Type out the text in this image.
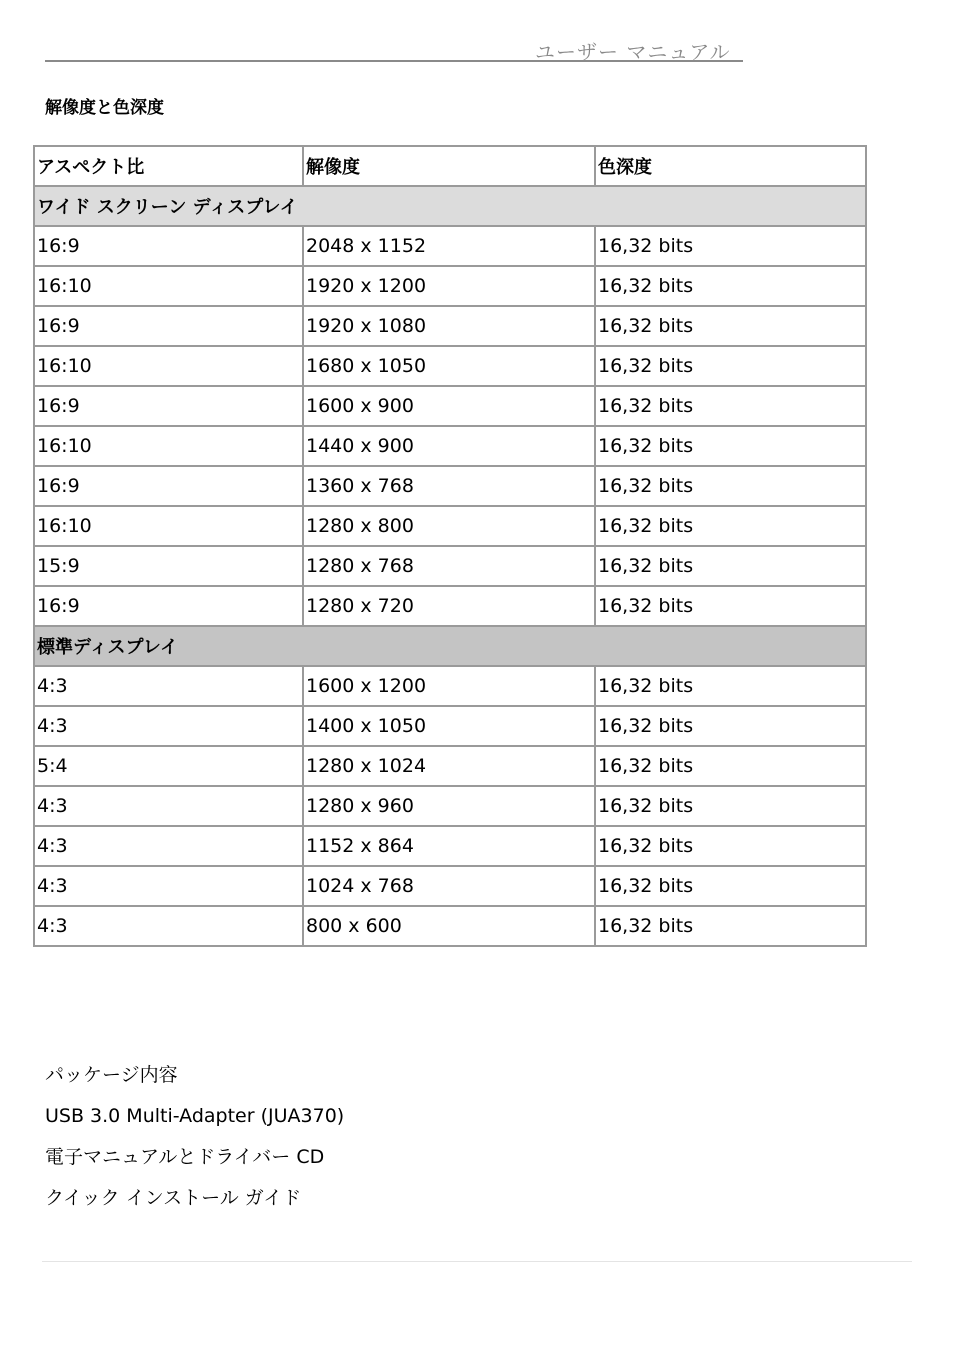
ユーザー マニュアル
解像度と色深度
アスペクト比	解像度	色深度
ワイド スクリーン ディスプレイ		
16:9	2048 x 1152	16,32 bits
16:10	1920 x 1200	16,32 bits
16:9	1920 x 1080	16,32 bits
16:10	1680 x 1050	16,32 bits
16:9	1600 x 900	16,32 bits
16:10	1440 x 900	16,32 bits
16:9	1360 x 768	16,32 bits
16:10	1280 x 800	16,32 bits
15:9	1280 x 768	16,32 bits
16:9	1280 x 720	16,32 bits
標準ディスプレイ		
4:3	1600 x 1200	16,32 bits
4:3	1400 x 1050	16,32 bits
5:4	1280 x 1024	16,32 bits
4:3	1280 x 960	16,32 bits
4:3	1152 x 864	16,32 bits
4:3	1024 x 768	16,32 bits
4:3	800 x 600	16,32 bits
パッケージ内容
USB 3.0 Multi-Adapter (JUA370)
電子マニュアルとドライバー CD
クイック インストール ガイド
